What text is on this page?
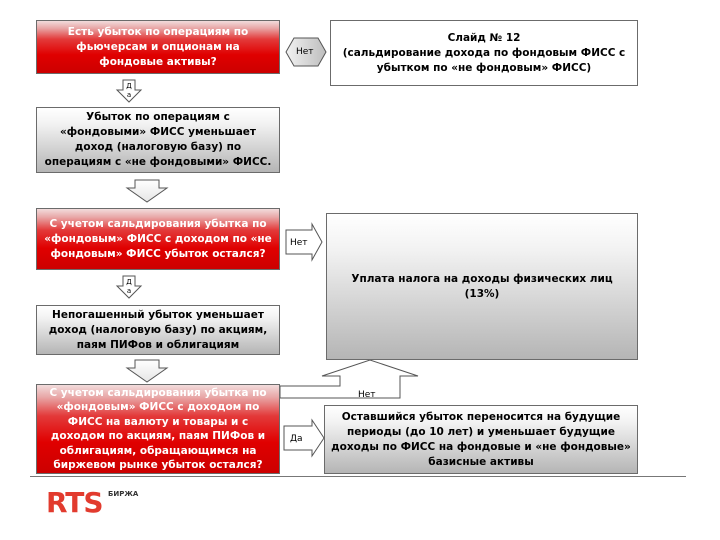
Есть убыток по операциям по фьючерсам и опционам на фондовые активы?
Слайд № 12
(сальдирование дохода по фондовым ФИСС с убытком по «не фондовым» ФИСС)
Убыток по операциям с «фондовыми» ФИСС уменьшает доход (налоговую базу) по операциям с «не фондовыми» ФИСС.
С учетом сальдирования убытка по «фондовым» ФИСС с доходом по «не фондовым» ФИСС убыток остался?
Уплата налога на доходы физических лиц (13%)
Непогашенный убыток уменьшает доход (налоговую базу) по акциям, паям ПИФов и облигациям
С учетом сальдирования убытка по «фондовым» ФИСС с доходом по ФИСС на валюту и товары и с доходом по акциям, паям ПИФов и облигациям, обращающимся на биржевом рынке убыток остался?
Оставшийся убыток переносится на будущие периоды (до 10 лет) и уменьшает будущие доходы по ФИСС на фондовые и «не фондовые» базисные активы
Нет
Д а
Нет
Д а
Нет
Да
RTS БИРЖА
